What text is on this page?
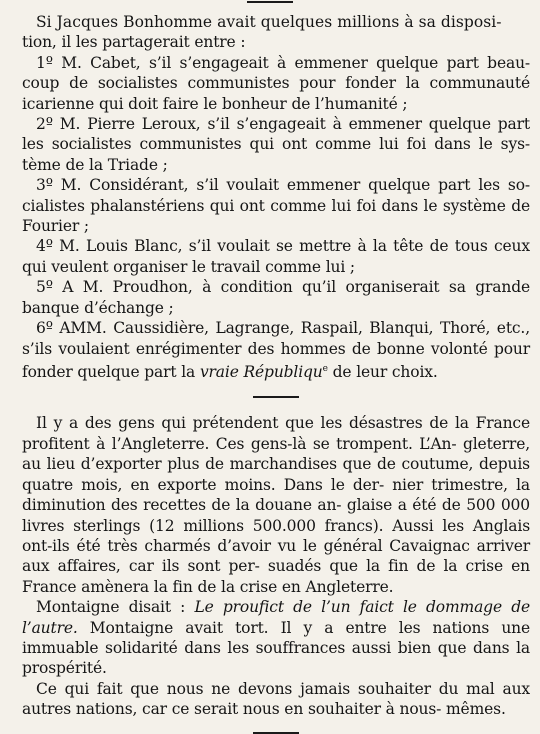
Si Jacques Bonhomme avait quelques millions à sa disposi-

tion, il les partagerait entre :

1º M. Cabet, s’il s’engageait à emmener quelque part beau- coup de socialistes communistes pour fonder la communauté icarienne qui doit faire le bonheur de l’humanité ;

2º M. Pierre Leroux, s’il s’engageait à emmener quelque part les socialistes communistes qui ont comme lui foi dans le sys- tème de la Triade ;

3º M. Considérant, s’il voulait emmener quelque part les so- cialistes phalanstériens qui ont comme lui foi dans le système de Fourier ;

4º M. Louis Blanc, s’il voulait se mettre à la tête de tous ceux qui veulent organiser le travail comme lui ;

5º A M. Proudhon, à condition qu’il organiserait sa grande banque d’échange ;

6º AMM. Caussidière, Lagrange, Raspail, Blanqui, Thoré, etc., s’ils voulaient enrégimenter des hommes de bonne volonté pour fonder quelque part la vraie Républiqu$^e$ de leur choix.

Il y a des gens qui prétendent que les désastres de la France profitent à l’Angleterre. Ces gens-là se trompent. L’An- gleterre, au lieu d’exporter plus de marchandises que de coutume, depuis quatre mois, en exporte moins. Dans le der- nier trimestre, la diminution des recettes de la douane an- glaise a été de 500 000 livres sterlings (12 millions 500.000 francs). Aussi les Anglais ont-ils été très charmés d’avoir vu le général Cavaignac arriver aux affaires, car ils sont per- suadés que la fin de la crise en France amènera la fin de la crise en Angleterre.

Montaigne disait : Le proufict de l’un faict le dommage de l’autre. Montaigne avait tort. Il y a entre les nations une immuable solidarité dans les souffrances aussi bien que dans la prospérité.

Ce qui fait que nous ne devons jamais souhaiter du mal aux autres nations, car ce serait nous en souhaiter à nous- mêmes.
